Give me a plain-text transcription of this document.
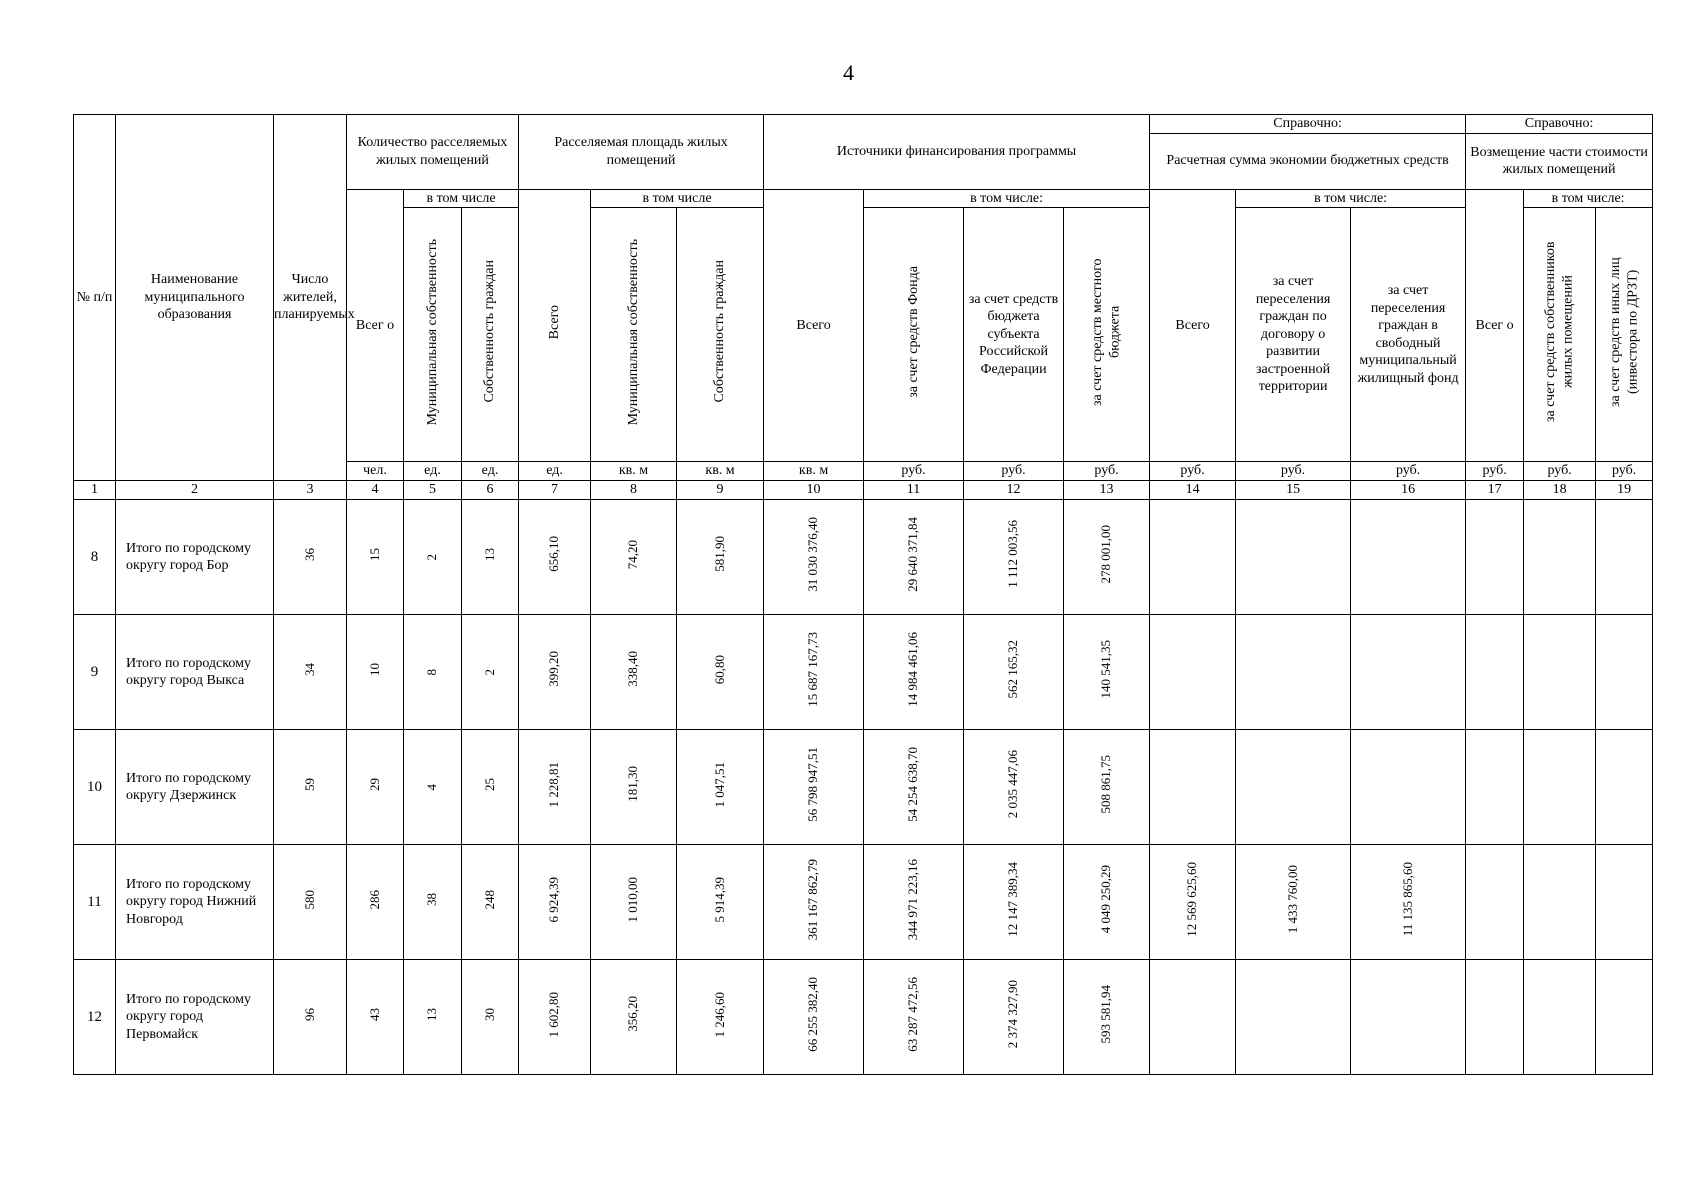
4
№ п/п	Наименование муниципального образования	Число жителей, планируемых	Количество расселяемых жилых помещений			Расселяемая площадь жилых помещений			Источники финансирования программы				Справочно:			Справочно:			
													Расчетная сумма экономии бюджетных средств			Возмещение части стоимости жилых помещений			
			Всег о	в том числе		Всего	в том числе		Всего	в том числе:			Всего	в том числе:		Всег о	в том числе:		
				Муниципальная собственность	Собственность граждан		Муниципальная собственность	Собственность граждан		за счет средств Фонда	за счет средств бюджета субъекта Российской Федерации	за счет средств местного бюджета		за счет переселения граждан по договору о развитии застроенной территории	за счет переселения граждан в свободный муниципальный жилищный фонд		за счет средств собственников жилых помещений	за счет средств иных лиц (инвестора по ДРЗТ)	
			чел.	ед.	ед.	ед.	кв. м	кв. м	кв. м	руб.	руб.	руб.	руб.	руб.	руб.	руб.	руб.	руб.	
1	2	3	4	5	6	7	8	9	10	11	12	13	14	15	16	17	18	19	
8	Итого по городскому округу город Бор	36	15	2	13	656,10	74,20	581,90	31 030 376,40	29 640 371,84	1 112 003,56	278 001,00							
9	Итого по городскому округу город Выкса	34	10	8	2	399,20	338,40	60,80	15 687 167,73	14 984 461,06	562 165,32	140 541,35							
10	Итого по городскому округу Дзержинск	59	29	4	25	1 228,81	181,30	1 047,51	56 798 947,51	54 254 638,70	2 035 447,06	508 861,75							
11	Итого по городскому округу город Нижний Новгород	580	286	38	248	6 924,39	1 010,00	5 914,39	361 167 862,79	344 971 223,16	12 147 389,34	4 049 250,29	12 569 625,60	1 433 760,00	11 135 865,60				
12	Итого по городскому округу город Первомайск	96	43	13	30	1 602,80	356,20	1 246,60	66 255 382,40	63 287 472,56	2 374 327,90	593 581,94							
